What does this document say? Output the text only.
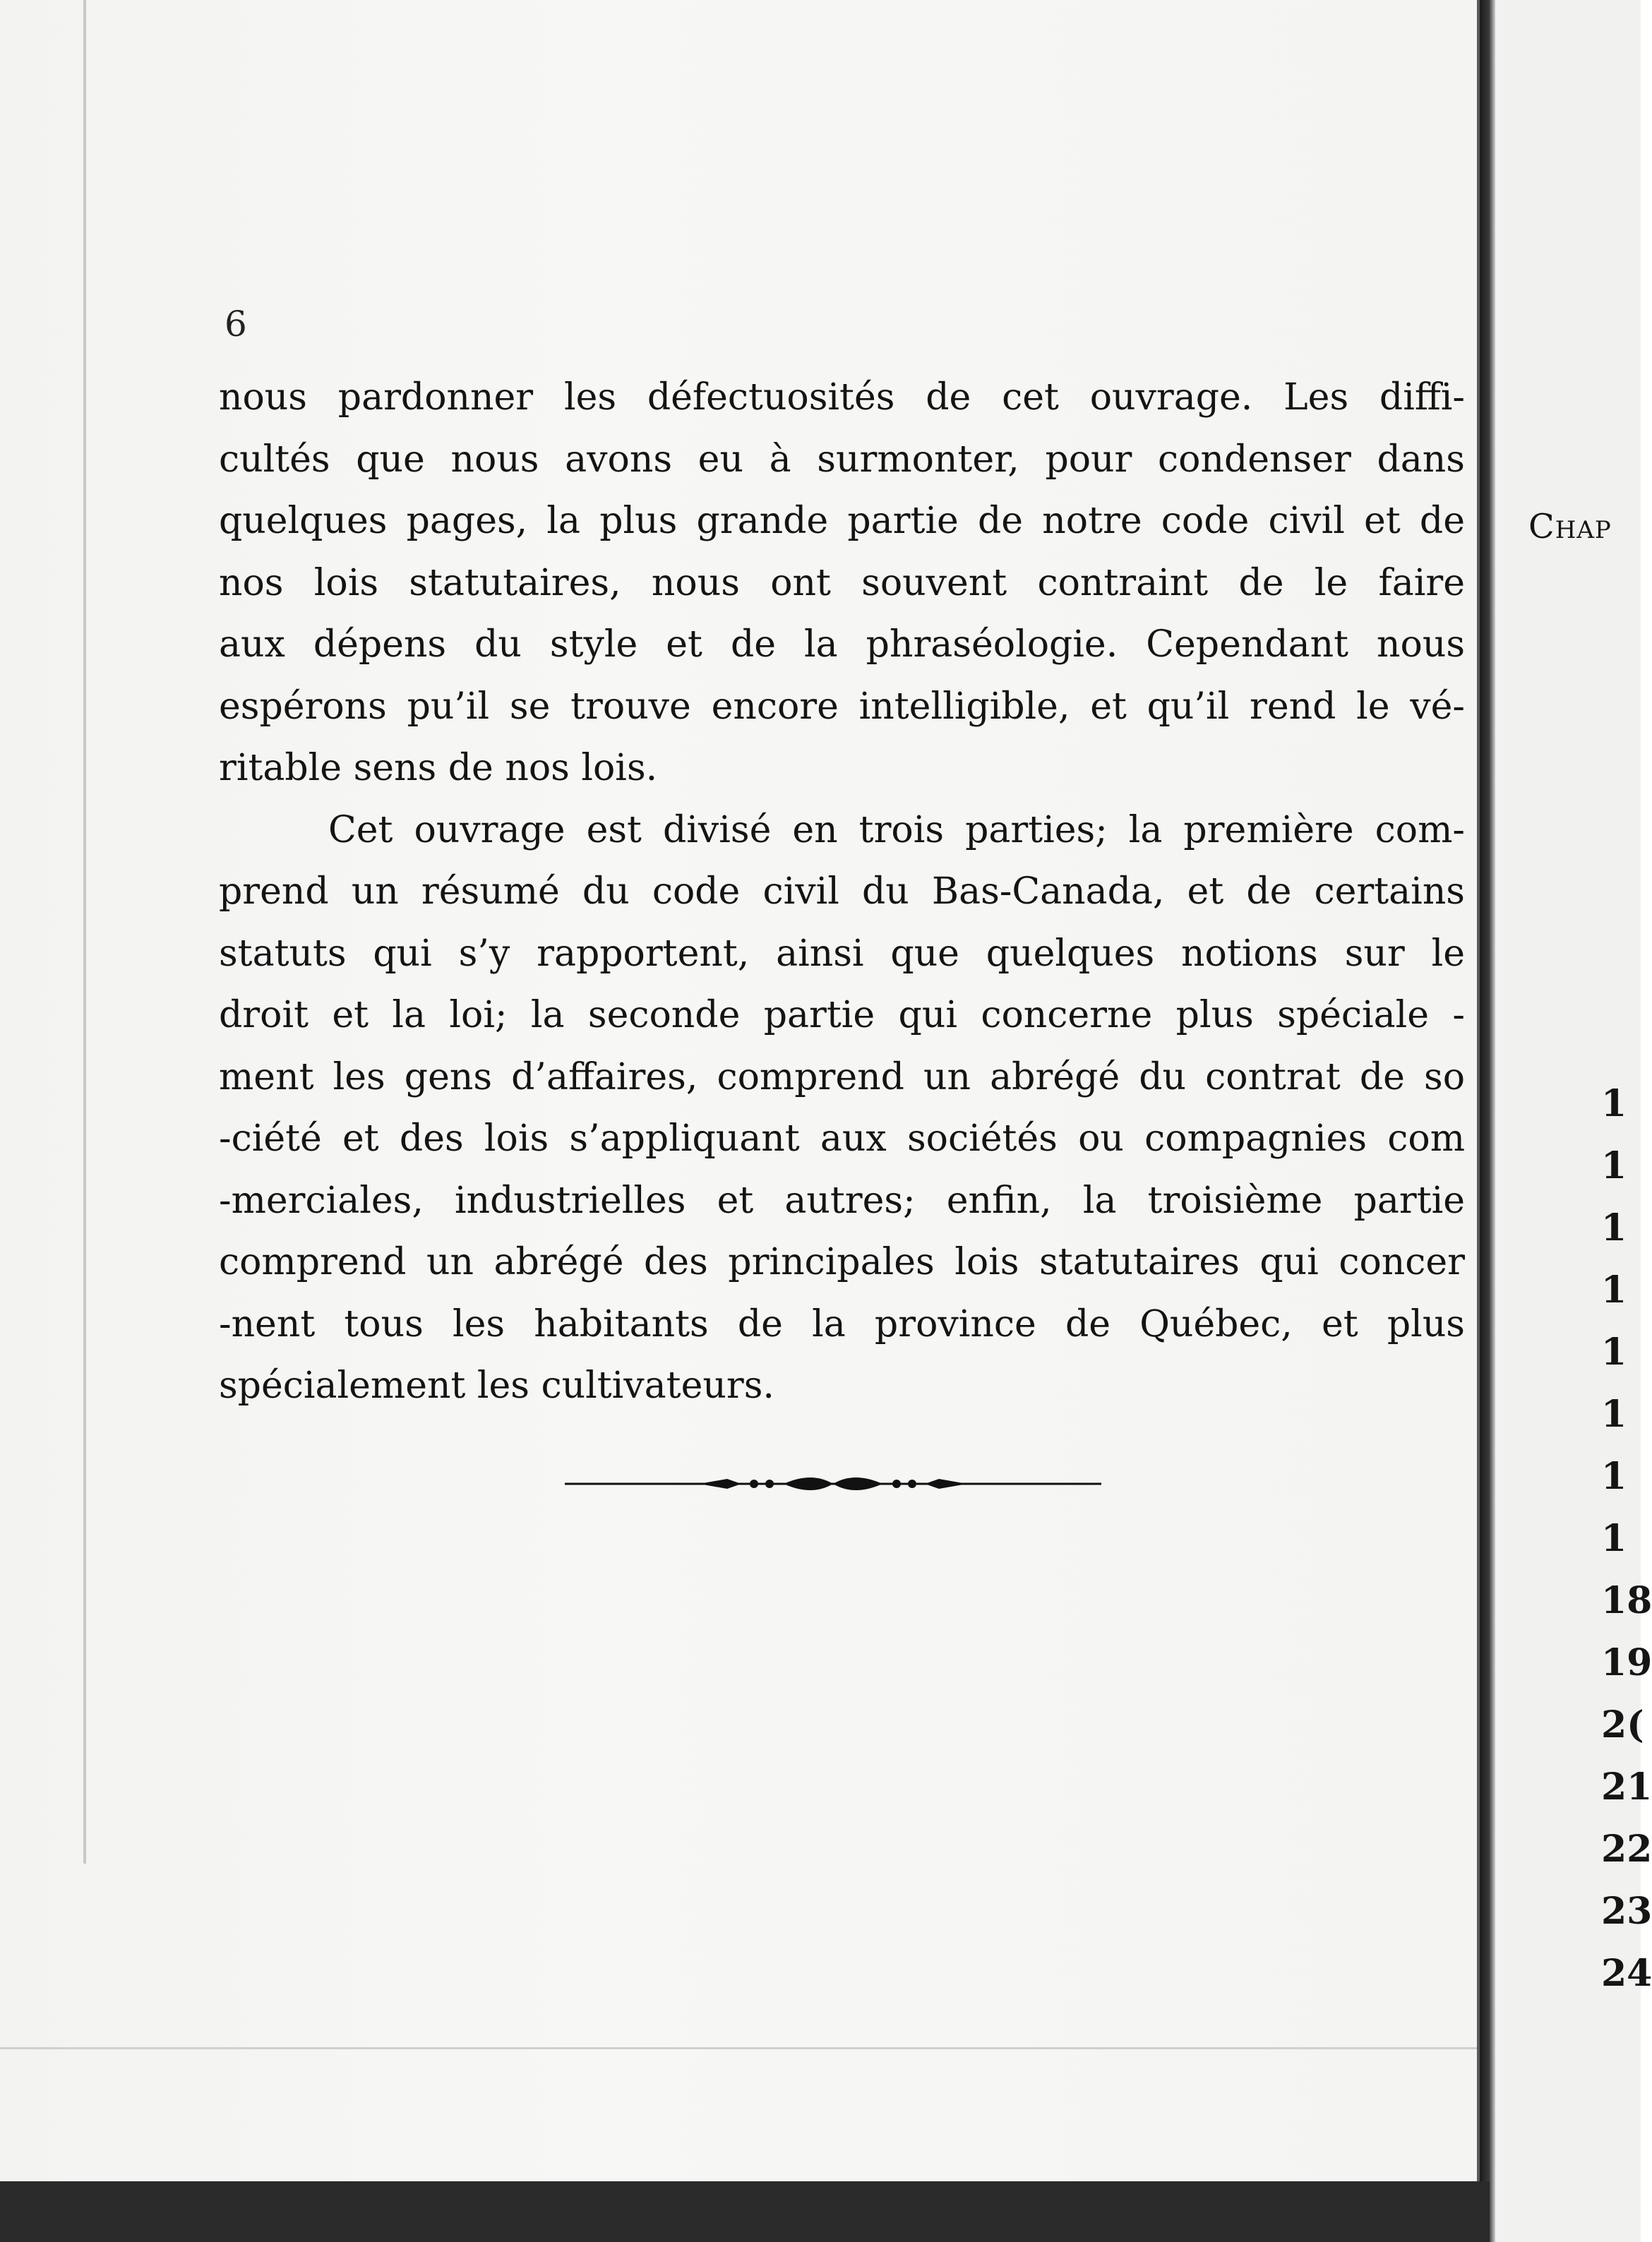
Chap
1
1
1
1
1
1
1
1
18
19
2(
21
22
23
24
6
nous pardonner les défectuosités de cet ouvrage. Les diffi-
cultés que nous avons eu à surmonter, pour condenser dans
quelques pages, la plus grande partie de notre code civil et de
nos lois statutaires, nous ont souvent contraint de le faire
aux dépens du style et de la phraséologie. Cependant nous
espérons pu’il se trouve encore intelligible, et qu’il rend le vé-
ritable sens de nos lois.
Cet ouvrage est divisé en trois parties; la première com-
prend un résumé du code civil du Bas-Canada, et de certains
statuts qui s’y rapportent, ainsi que quelques notions sur le
droit et la loi; la seconde partie qui concerne plus spéciale -
ment les gens d’affaires, comprend un abrégé du contrat de so
-ciété et des lois s’appliquant aux sociétés ou compagnies com
-merciales, industrielles et autres; enfin, la troisième partie
comprend un abrégé des principales lois statutaires qui concer
-nent tous les habitants de la province de Québec, et plus
spécialement les cultivateurs.
